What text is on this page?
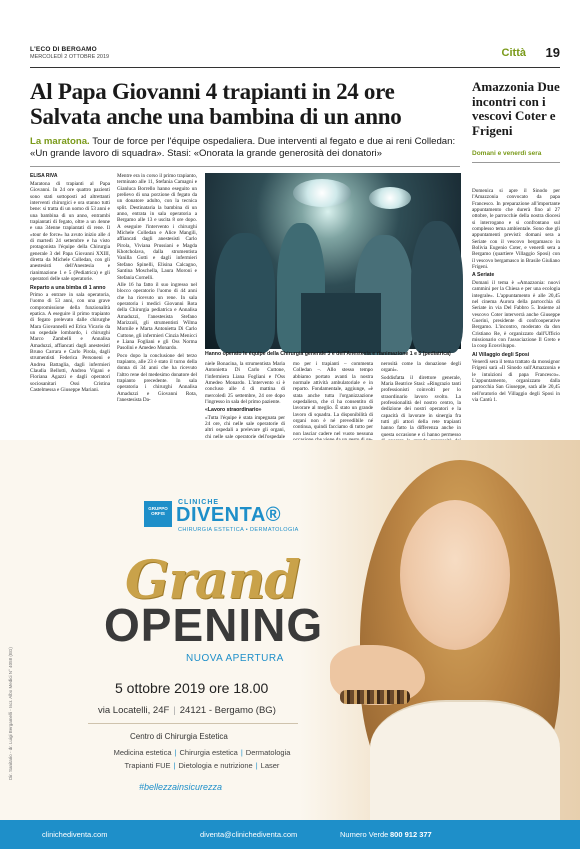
L'ECO DI BERGAMO
MERCOLEDÌ 2 OTTOBRE 2019	Città 19
Al Papa Giovanni 4 trapianti in 24 ore Salvata anche una bambina di un anno
La maratona. Tour de force per l'équipe ospedaliera. Due interventi al fegato e due ai reni Colledan: «Un grande lavoro di squadra». Stasi: «Onorata la grande generosità dei donatori»
ELISA RIVA

Maratona di trapianti al Papa Giovanni. In 24 ore quattro pazienti sono stati sottoposti ad altrettanti interventi chirurgici e ora stanno tutti bene: si tratta di un uomo di 53 anni e una bambina di un anno, entrambi trapiantati di fegato, oltre a un 4enne e una 34enne trapiantati di rene. Il «tour de force» ha avuto inizio alle 4 di martedì 24 settembre e ha visto protagonista l'équipe della Chirurgia generale 3 del Papa Giovanni XXIII, diretta da Michele Colledan, con gli anestesisti dell'Anestesia e rianimazione 1 e 5 (Pediatrica) e gli operatori delle sale operatorie.

Reparto a una bimba di 1 anno

Primo a entrare in sala operatoria, l'uomo di 53 anni, con una grave compromissione della funzionalità epatica. A eseguire il primo trapianto di fegato prelevato dalle chirurghe Mara Giovannelli ed Erica Vicario da un ospedale lombardo, i chirurghi Marco Zambelli e Annalisa Amaduzzi, affiancati dagli anestesisti Bruno Carrara e Carlo Pirola, dagli strumentisti Federica Personeni e Andrea Battaglia, dagli infermieri Claudia Bellotti, Andrea Vigani e Floriana Agazzi e dagli operatori sociosanitari Ossi Cristina Castelmessa e Giuseppe Mariani.

Mentre era in corso il primo trapianto, terminato alle 11, Stefania Camagni e Gianluca Borrello hanno eseguito un prelievo di una porzione di fegato da un donatore adulto, con la tecnica split. Destinataria la bambina di un anno, entrata in sala operatoria a Bergamo alle 13 e uscita 8 ore dopo. A eseguire l'intervento i chirurghi Michele Colledan e Alice Mangili, affiancati dagli anestesisti Carlo Pirola, Viviana Prussiani e Magda Khotcholava, dalla strumentista Vanilla Gotti e dagli infermieri Stefano Spinelli, Elisina Calcagno, Santina Moschella, Laura Moroni e Stefania Cornelli.

Alle 16 ha fatto il suo ingresso nel blocco operatorio l'uomo di 44 anni che ha ricevuto un rene. In sala operatoria i medici Giovanni Rota della Chirurgia pediatrica e Annalisa Amaduzzi, l'anestesista Stefano Marizzoli, gli strumentisti Wilma Mornile e Marta Antonietta Di Carlo Cuttone, gli infermieri Cinzia Menicci e Liana Fogliani e gli Oss Norma Pasolini e Amedeo Monardo.

Poco dopo la conclusione del terzo trapianto, alle 23 è stato il turno della donna di 34 anni che ha ricevuto l'altro rene del medesimo donatore del trapianto precedente. In sala operatoria i chirurghi Annalisa Amaduzzi e Giovanni Rota, l'anestesista Da-

Hanno operato le équipe della Chirurgia generale 3 e dell'Anestesia e rianimazione 1 e 5 (pediatrica)

niele Bonacina, la strumentista Maria Antonietta Di Carlo Cuttone, l'infermiera Liana Fogliani e l'Oss Amedeo Monardo. L'intervento si è concluso alle 4 di mattina di mercoledì 25 settembre, 24 ore dopo l'ingresso in sala del primo paziente.

«Lavoro straordinario»

«Tutta l'équipe è stata impegnata per 24 ore, chi nelle sale operatorie di altri ospedali a prelevare gli organi, chi nelle sale operatorie dell'ospedale

mo per i trapianti – commenta Colledan –. Allo stesso tempo abbiamo portato avanti la nostra normale attività ambulatoriale e in reparto. Fondamentale, aggiunge, «è stata anche tutta l'organizzazione ospedaliera, che ci ha consentito di lavorare al meglio. È stato un grande lavoro di squadra. La disponibilità di organi non è né prevedibile né continua, quindi facciamo di tutto per non lasciar cadere nel vuoto nessuna

nerosità come la donazione degli organi».

Soddisfatta il direttore generale, Maria Beatrice Stasi: «Ringrazio tanti professionisti coinvolti per lo straordinario lavoro svolto. La professionalità del nostro centro, la dedizione dei nostri operatori e la capacità di lavorare in sinergia fra tutti gli attori della rete trapianti hanno fatto la differenza anche in questa occasione e ci hanno permesso

Amazzonia Due incontri con i vescovi Coter e Frigeni
Domani e venerdì sera

Domenica si apre il Sinodo per l'Amazzonia convocato da papa Francesco. In preparazione all'importante appuntamento che durerà fino al 27 ottobre, le parrocchie della nostra diocesi si interrogano e si confrontano sul complesso tema ambientale. Sono due gli appuntamenti previsti: domani sera a Seriate con il vescovo bergamasco in Bolivia Eugenio Coter, e venerdì sera a Bergamo (quartiere Villaggio Sposi) con il vescovo bergamasco in Brasile Giuliano Frigeni.

A Seriate

Domani il tema è «Amazzonia: nuovi cammini per la Chiesa e per una ecologia integrale». L'appuntamento è alle 20,45 nel cinema Aurora della parrocchia di Seriate in via Del Fabbro 5. Insieme al vescovo Coter interverrà anche Giuseppe Guerini, presidente di confcooperative Bergamo. L'incontro, moderato da don Cristiano Re, è organizzato dall'Ufficio missionario con l'associazione Il Greto e la coop Ecosviluppo.

Al Villaggio degli Sposi

Venerdì sera il tema trattato da monsignor Frigeni sarà «Il Sinodo sull'Amazzonia e le intuizioni di papa Francesco». L'appuntamento, organizzato dalla parrocchia San Giuseppe, sarà alle 20,45 nell'oratorio del Villaggio degli Sposi in via Cantù 1.

GRUPPO ORFIS
CLINICHE
DIVENTA®
CHIRURGIA ESTETICA • DERMATOLOGIA
Grand
OPENING
NUOVA APERTURA
5 ottobre 2019 ore 18.00
via Locatelli, 24F | 24121 - Bergamo (BG)
Centro di Chirurgia Estetica
Medicina estetica | Chirurgia estetica | Dermatologia
Trapianti FUE | Dietologia e nutrizione | Laser
#bellezzainsicurezza
Dir. Sanitario - dr. Luigi Bergamelli - Iscr. Albo Medici N° 4058 (BG)
clinichediventa.com	diventa@clinichediventa.com	Numero Verde 800 912 377
